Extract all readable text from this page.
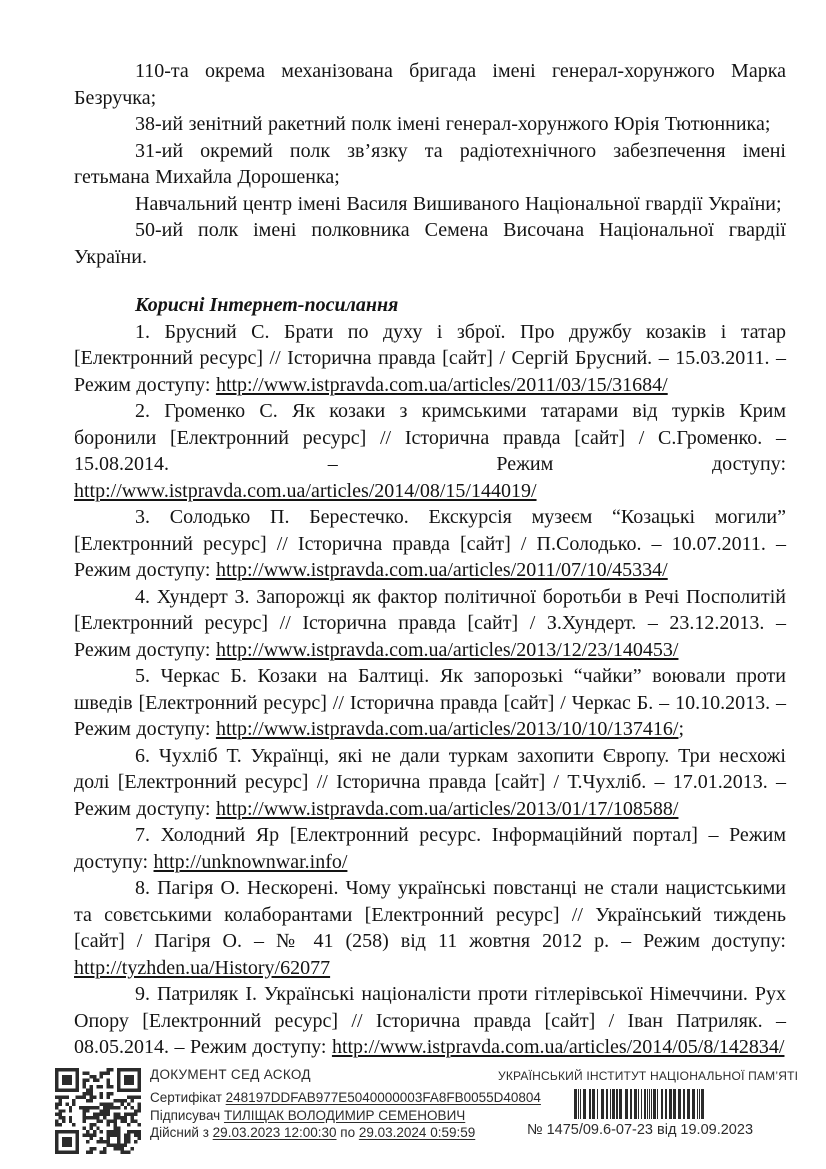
110-та окрема механізована бригада імені генерал-хорунжого Марка Безручка;

38-ий зенітний ракетний полк імені генерал-хорунжого Юрія Тютюнника;

31-ий окремий полк зв’язку та радіотехнічного забезпечення імені гетьмана Михайла Дорошенка;

Навчальний центр імені Василя Вишиваного Національної гвардії України;

50-ий полк імені полковника Семена Височана Національної гвардії України.

Корисні Інтернет-посилання

1. Брусний С. Брати по духу і зброї. Про дружбу козаків і татар [Електронний ресурс] // Історична правда [сайт] / Сергій Брусний. – 15.03.2011. – Режим доступу: http://www.istpravda.com.ua/articles/2011/03/15/31684/

2. Громенко С. Як козаки з кримськими татарами від турків Крим боронили [Електронний ресурс] // Історична правда [сайт] / С.Громенко. – 15.08.2014. – Режим доступу: http://www.istpravda.com.ua/articles/2014/08/15/144019/

3. Солодько П. Берестечко. Екскурсія музеєм “Козацькі могили” [Електронний ресурс] // Історична правда [сайт] / П.Солодько. – 10.07.2011. – Режим доступу: http://www.istpravda.com.ua/articles/2011/07/10/45334/

4. Хундерт З. Запорожці як фактор політичної боротьби в Речі Посполитій [Електронний ресурс] // Історична правда [сайт] / З.Хундерт. – 23.12.2013. – Режим доступу: http://www.istpravda.com.ua/articles/2013/12/23/140453/

5. Черкас Б. Козаки на Балтиці. Як запорозькі “чайки” воювали проти шведів [Електронний ресурс] // Історична правда [сайт] / Черкас Б. – 10.10.2013. – Режим доступу: http://www.istpravda.com.ua/articles/2013/10/10/137416/;

6. Чухліб Т. Українці, які не дали туркам захопити Європу. Три несхожі долі [Електронний ресурс] // Історична правда [сайт] / Т.Чухліб. – 17.01.2013. – Режим доступу: http://www.istpravda.com.ua/articles/2013/01/17/108588/

7. Холодний Яр [Електронний ресурс. Інформаційний портал] – Режим доступу: http://unknownwar.info/

8. Пагіря О. Нескорені. Чому українські повстанці не стали нацистськими та совєтськими колаборантами [Електронний ресурс] // Український тиждень [сайт] / Пагіря О. – № 41 (258) від 11 жовтня 2012 р. – Режим доступу: http://tyzhden.ua/History/62077

9. Патриляк І. Українські націоналісти проти гітлерівської Німеччини. Рух Опору [Електронний ресурс] // Історична правда [сайт] / Іван Патриляк. – 08.05.2014. – Режим доступу: http://www.istpravda.com.ua/articles/2014/05/8/142834/

ДОКУМЕНТ СЕД АСКОД
Сертифікат 248197DDFAB977E5040000003FA8FB0055D40804
Підписувач ТИЛІЩАК ВОЛОДИМИР СЕМЕНОВИЧ
Дійсний з 29.03.2023 12:00:30 по 29.03.2024 0:59:59
УКРАЇНСЬКИЙ ІНСТИТУТ НАЦІОНАЛЬНОЇ ПАМ’ЯТІ
№ 1475/09.6-07-23 від 19.09.2023
